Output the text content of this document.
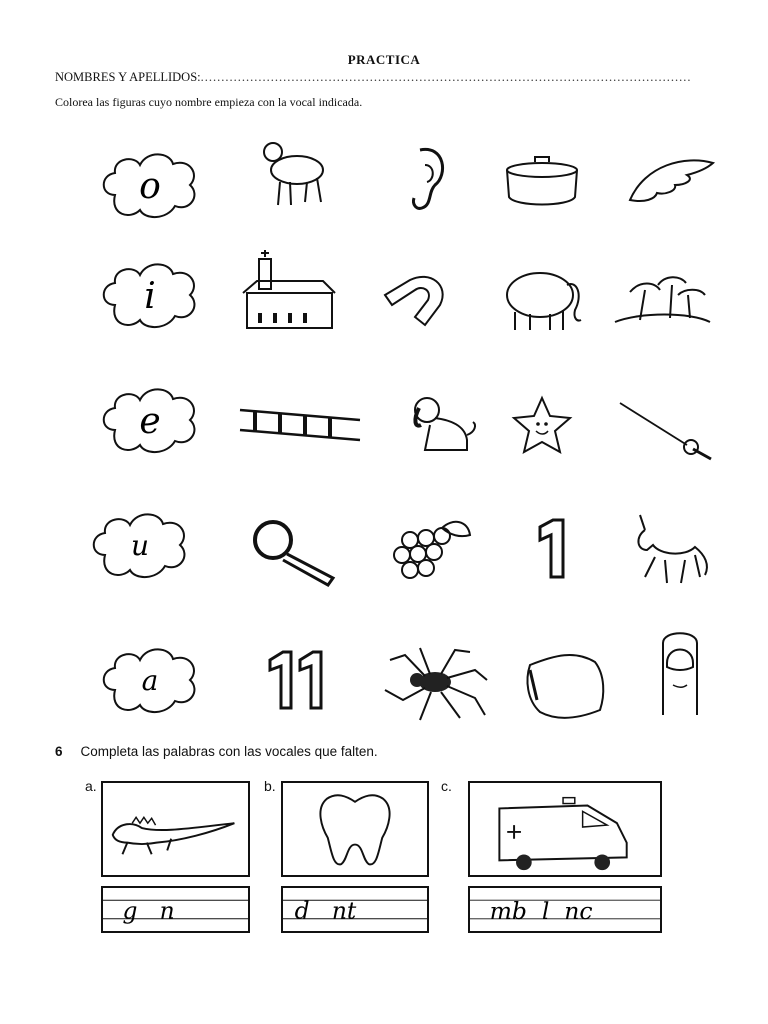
PRACTICA
NOMBRES Y APELLIDOS:.......................................................................................................................
Colorea las figuras cuyo nombre empieza con la vocal indicada.
o
i
e
u
a
6 Completa las palabras con las vocales que falten.
a.	b.	c.
g   n	d   nt	mb  l  nc
